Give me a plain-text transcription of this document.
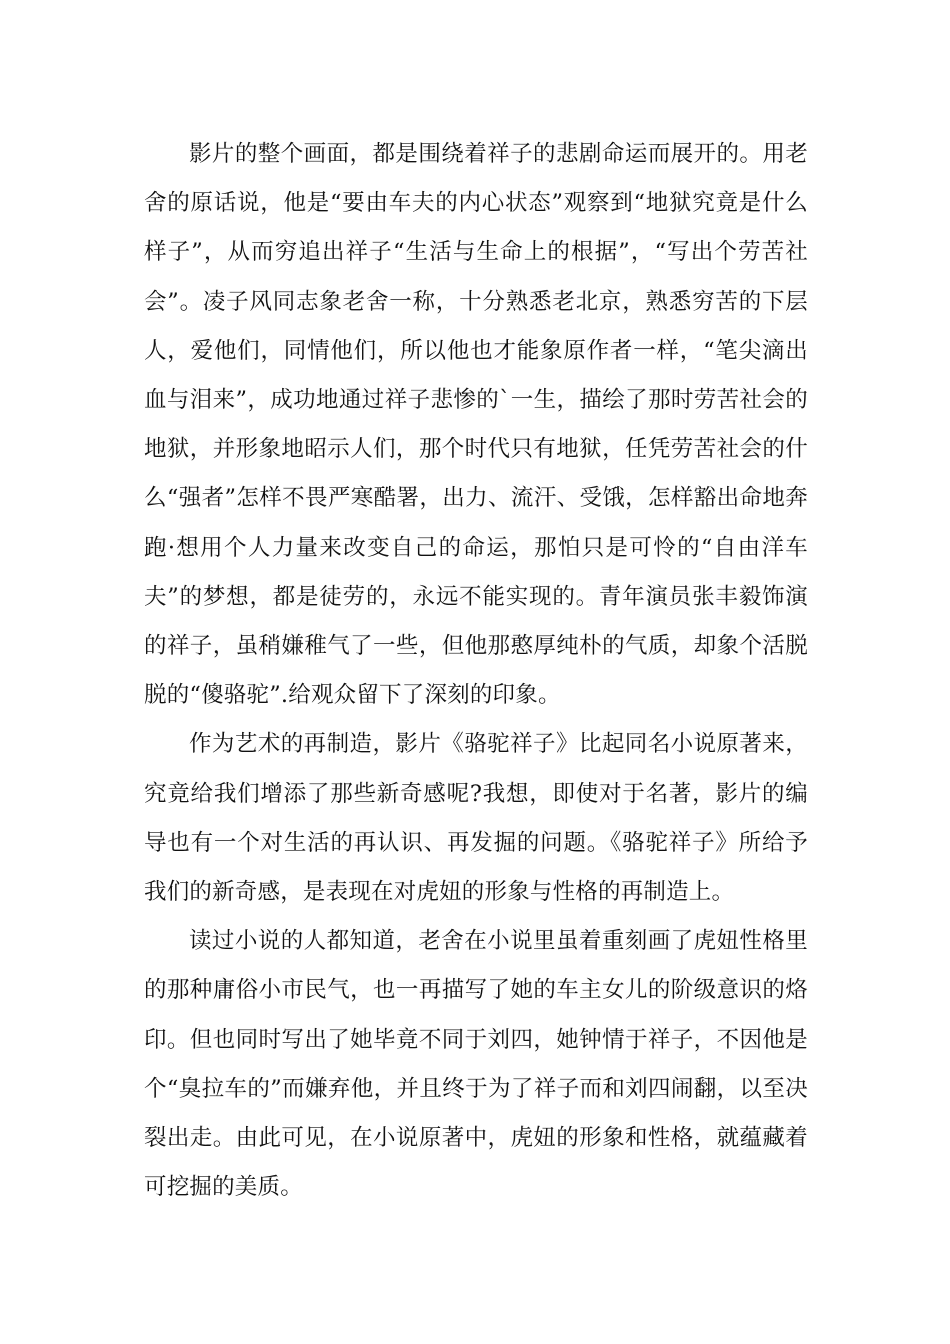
影片的整个画面，都是围绕着祥子的悲剧命运而展开的。用老舍的原话说，他是“要由车夫的内心状态”观察到“地狱究竟是什么样子”，从而穷追出祥子“生活与生命上的根据”，“写出个劳苦社会”。凌子风同志象老舍一称，十分熟悉老北京，熟悉穷苦的下层人，爱他们，同情他们，所以他也才能象原作者一样，“笔尖滴出血与泪来”，成功地通过祥子悲惨的`一生，描绘了那时劳苦社会的地狱，并形象地昭示人们，那个时代只有地狱，任凭劳苦社会的什么“强者”怎样不畏严寒酷署，出力、流汗、受饿，怎样豁出命地奔跑·想用个人力量来改变自己的命运，那怕只是可怜的“自由洋车夫”的梦想，都是徒劳的，永远不能实现的。青年演员张丰毅饰演的祥子，虽稍嫌稚气了一些，但他那憨厚纯朴的气质，却象个活脱脱的“傻骆驼”.给观众留下了深刻的印象。

作为艺术的再制造，影片《骆驼祥子》比起同名小说原著来，究竟给我们增添了那些新奇感呢?我想，即使对于名著，影片的编导也有一个对生活的再认识、再发掘的问题。《骆驼祥子》所给予我们的新奇感，是表现在对虎妞的形象与性格的再制造上。

读过小说的人都知道，老舍在小说里虽着重刻画了虎妞性格里的那种庸俗小市民气，也一再描写了她的车主女儿的阶级意识的烙印。但也同时写出了她毕竟不同于刘四，她钟情于祥子，不因他是个“臭拉车的”而嫌弃他，并且终于为了祥子而和刘四闹翻，以至决裂出走。由此可见，在小说原著中，虎妞的形象和性格，就蕴藏着可挖掘的美质。
